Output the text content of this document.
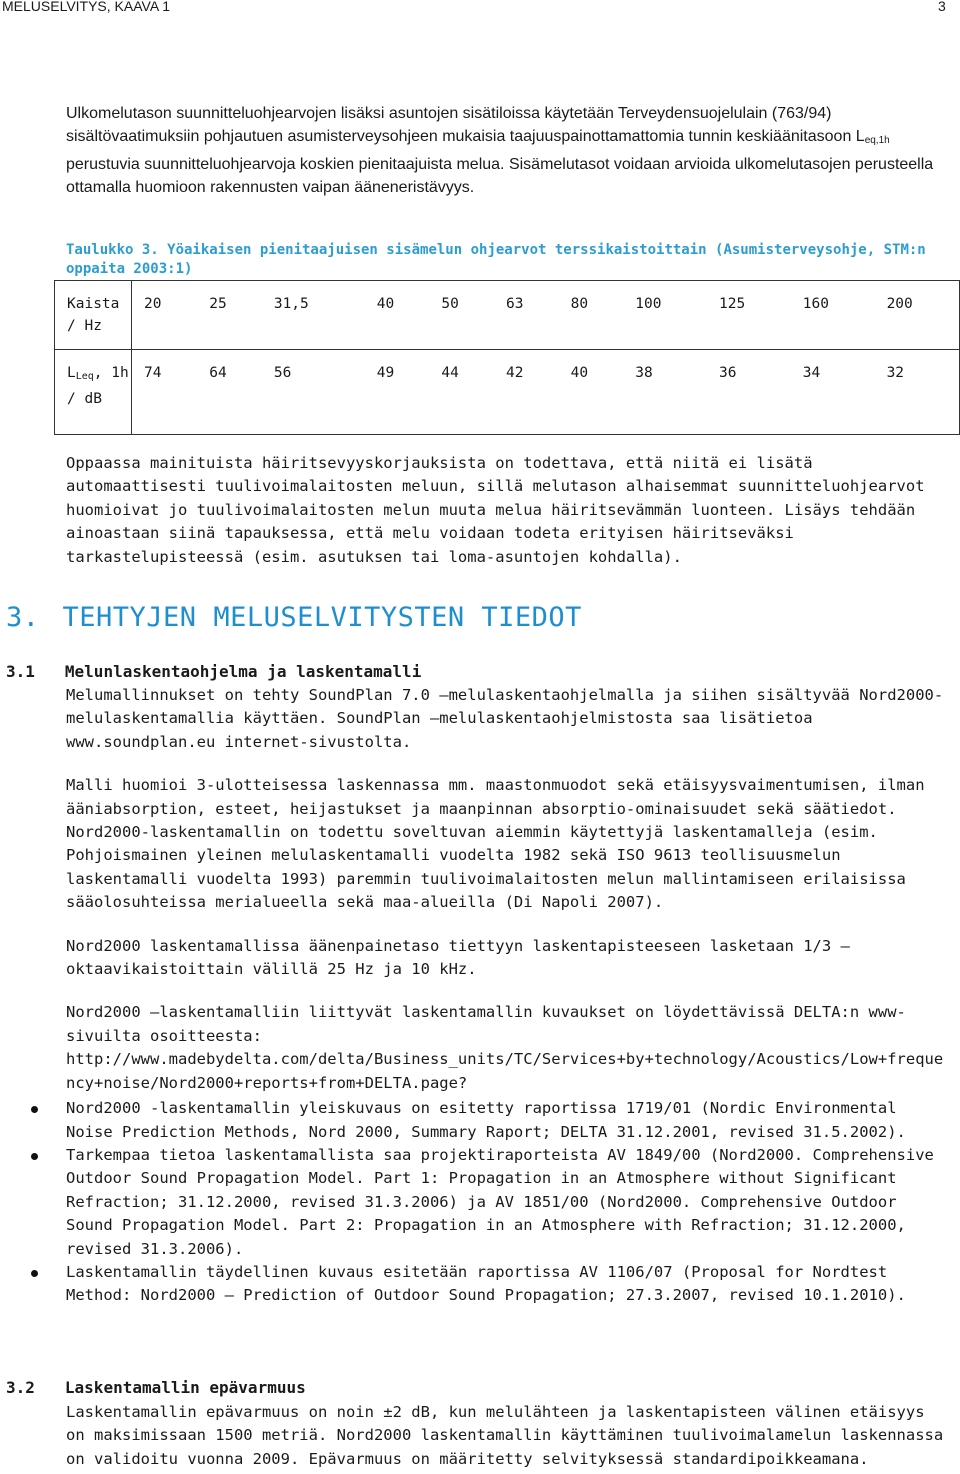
MELUSELVITYS, KAAVA 1	3

Ulkomelutason suunnitteluohjearvojen lisäksi asuntojen sisätiloissa käytetään Terveydensuojelulain (763/94) sisältövaatimuksiin pohjautuen asumisterveysohjeen mukaisia taajuuspainottamattomia tunnin keskiäänitasoon $L_{eq,1h}$ perustuvia suunnitteluohjearvoja koskien pienitaajuista melua. Sisämelutasot voidaan arvioida ulkomelutasojen perusteella ottamalla huomioon rakennusten vaipan ääneneristävyys.

Taulukko 3. Yöaikaisen pienitaajuisen sisämelun ohjearvot terssikaistoittain (Asumisterveysohje, STM:n oppaita 2003:1)
Kaista / Hz	20	25	31,5	40	50	63	80	100	125	160	200
$L_{Leq}$, 1h / dB	74	64	56	49	44	42	40	38	36	34	32

Oppaassa mainituista häiritsevyyskorjauksista on todettava, että niitä ei lisätä automaattisesti tuulivoimalaitosten meluun, sillä melutason alhaisemmat suunnitteluohjearvot huomioivat jo tuulivoimalaitosten melun muuta melua häiritsevämmän luonteen. Lisäys tehdään ainoastaan siinä tapauksessa, että melu voidaan todeta erityisen häiritseväksi tarkastelupisteessä (esim. asutuksen tai loma-asuntojen kohdalla).

3. TEHTYJEN MELUSELVITYSTEN TIEDOT
3.1 Melunlaskentaohjelma ja laskentamalli

Melumallinnukset on tehty SoundPlan 7.0 –melulaskentaohjelmalla ja siihen sisältyvää Nord2000-melulaskentamallia käyttäen. SoundPlan –melulaskentaohjelmistosta saa lisätietoa www.soundplan.eu internet-sivustolta.

Malli huomioi 3-ulotteisessa laskennassa mm. maastonmuodot sekä etäisyysvaimentumisen, ilman ääniabsorption, esteet, heijastukset ja maanpinnan absorptio-ominaisuudet sekä säätiedot. Nord2000-laskentamallin on todettu soveltuvan aiemmin käytettyjä laskentamalleja (esim. Pohjoismainen yleinen melulaskentamalli vuodelta 1982 sekä ISO 9613 teollisuusmelun laskentamalli vuodelta 1993) paremmin tuulivoimalaitosten melun mallintamiseen erilaisissa sääolosuhteissa merialueella sekä maa-alueilla (Di Napoli 2007).

Nord2000 laskentamallissa äänenpainetaso tiettyyn laskentapisteeseen lasketaan 1/3 –oktaavikaistoittain välillä 25 Hz ja 10 kHz.

Nord2000 –laskentamalliin liittyvät laskentamallin kuvaukset on löydettävissä DELTA:n www-sivuilta osoitteesta:

http://www.madebydelta.com/delta/Business_units/TC/Services+by+technology/Acoustics/Low+frequency+noise/Nord2000+reports+from+DELTA.page?

Nord2000 -laskentamallin yleiskuvaus on esitetty raportissa 1719/01 (Nordic Environmental Noise Prediction Methods, Nord 2000, Summary Raport; DELTA 31.12.2001, revised 31.5.2002).
Tarkempaa tietoa laskentamallista saa projektiraporteista AV 1849/00 (Nord2000. Comprehensive Outdoor Sound Propagation Model. Part 1: Propagation in an Atmosphere without Significant Refraction; 31.12.2000, revised 31.3.2006) ja AV 1851/00 (Nord2000. Comprehensive Outdoor Sound Propagation Model. Part 2: Propagation in an Atmosphere with Refraction; 31.12.2000, revised 31.3.2006).
Laskentamallin täydellinen kuvaus esitetään raportissa AV 1106/07 (Proposal for Nordtest Method: Nord2000 – Prediction of Outdoor Sound Propagation; 27.3.2007, revised 10.1.2010).
3.2 Laskentamallin epävarmuus

Laskentamallin epävarmuus on noin ±2 dB, kun melulähteen ja laskentapisteen välinen etäisyys on maksimissaan 1500 metriä. Nord2000 laskentamallin käyttäminen tuulivoimalamelun laskennassa on validoitu vuonna 2009. Epävarmuus on määritetty selvityksessä standardipoikkeamana.
